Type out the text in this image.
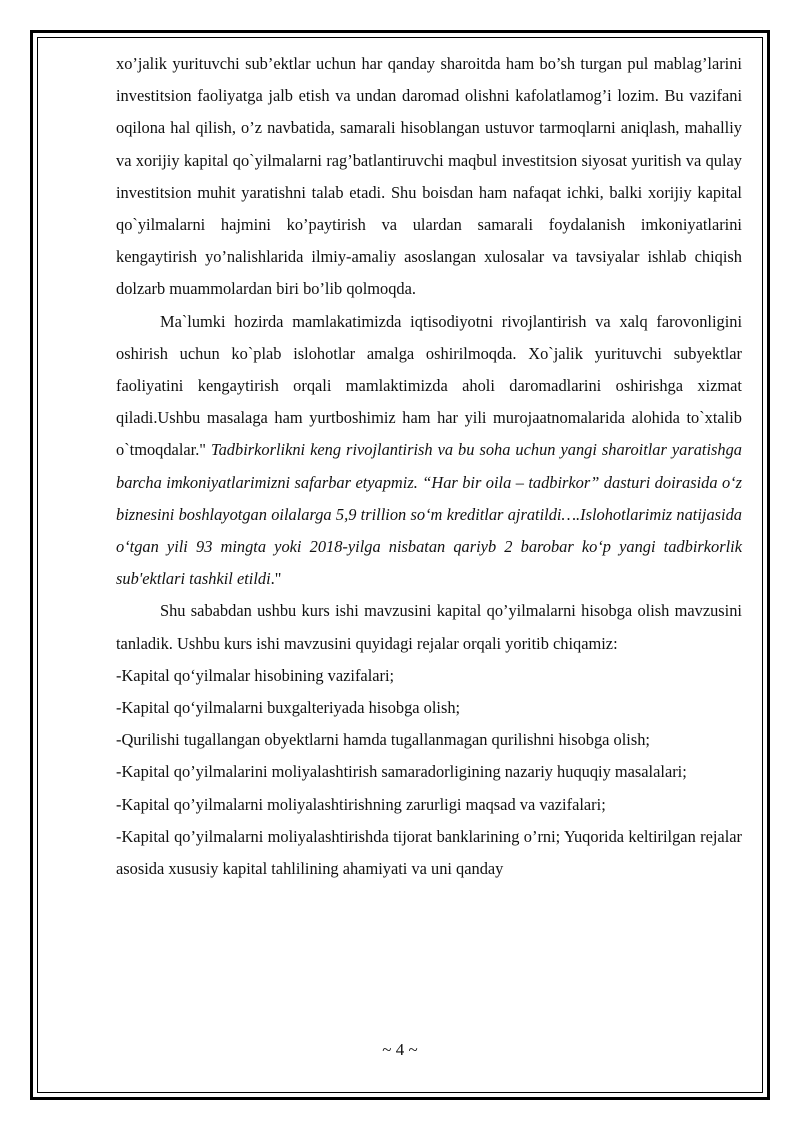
xo’jalik yurituvchi sub’ektlar uchun har qanday sharoitda ham bo’sh turgan pul mablag’larini investitsion faoliyatga jalb etish va undan daromad olishni kafolatlamog’i lozim. Bu vazifani oqilona hal qilish, o’z navbatida, samarali hisoblangan ustuvor tarmoqlarni aniqlash, mahalliy va xorijiy kapital qo`yilmalarni rag’batlantiruvchi maqbul investitsion siyosat yuritish va qulay investitsion muhit yaratishni talab etadi. Shu boisdan ham nafaqat ichki, balki xorijiy kapital qo`yilmalarni hajmini ko’paytirish va ulardan samarali foydalanish imkoniyatlarini kengaytirish yo’nalishlarida ilmiy-amaliy asoslangan xulosalar va tavsiyalar ishlab chiqish dolzarb muammolardan biri bo’lib qolmoqda.

Ma`lumki hozirda mamlakatimizda iqtisodiyotni rivojlantirish va xalq farovonligini oshirish uchun ko`plab islohotlar amalga oshirilmoqda. Xo`jalik yurituvchi subyektlar faoliyatini kengaytirish orqali mamlaktimizda aholi daromadlarini oshirishga xizmat qiladi.Ushbu masalaga ham yurtboshimiz ham har yili murojaatnomalarida alohida to`xtalib o`tmoqdalar." Tadbirkorlikni keng rivojlantirish va bu soha uchun yangi sharoitlar yaratishga barcha imkoniyatlarimizni safarbar etyapmiz. “Har bir oila – tadbirkor” dasturi doirasida o‘z biznesini boshlayotgan oilalarga 5,9 trillion so‘m kreditlar ajratildi….Islohotlarimiz natijasida o‘tgan yili 93 mingta yoki 2018-yilga nisbatan qariyb 2 barobar ko‘p yangi tadbirkorlik sub'ektlari tashkil etildi."

Shu sababdan ushbu kurs ishi mavzusini kapital qo’yilmalarni hisobga olish mavzusini tanladik. Ushbu kurs ishi mavzusini quyidagi rejalar orqali yoritib chiqamiz:

-Kapital qo‘yilmalar hisobining vazifalari;

-Kapital qo‘yilmalarni buxgalteriyada hisobga olish;

-Qurilishi tugallangan obyektlarni hamda tugallanmagan qurilishni hisobga olish;

-Kapital qo’yilmalarini moliyalashtirish samaradorligining nazariy huquqiy masalalari;

-Kapital qo’yilmalarni moliyalashtirishning zarurligi maqsad va vazifalari;

-Kapital qo’yilmalarni moliyalashtirishda tijorat banklarining o’rni; Yuqorida keltirilgan rejalar asosida xususiy kapital tahlilining ahamiyati va uni qanday

~ 4 ~
